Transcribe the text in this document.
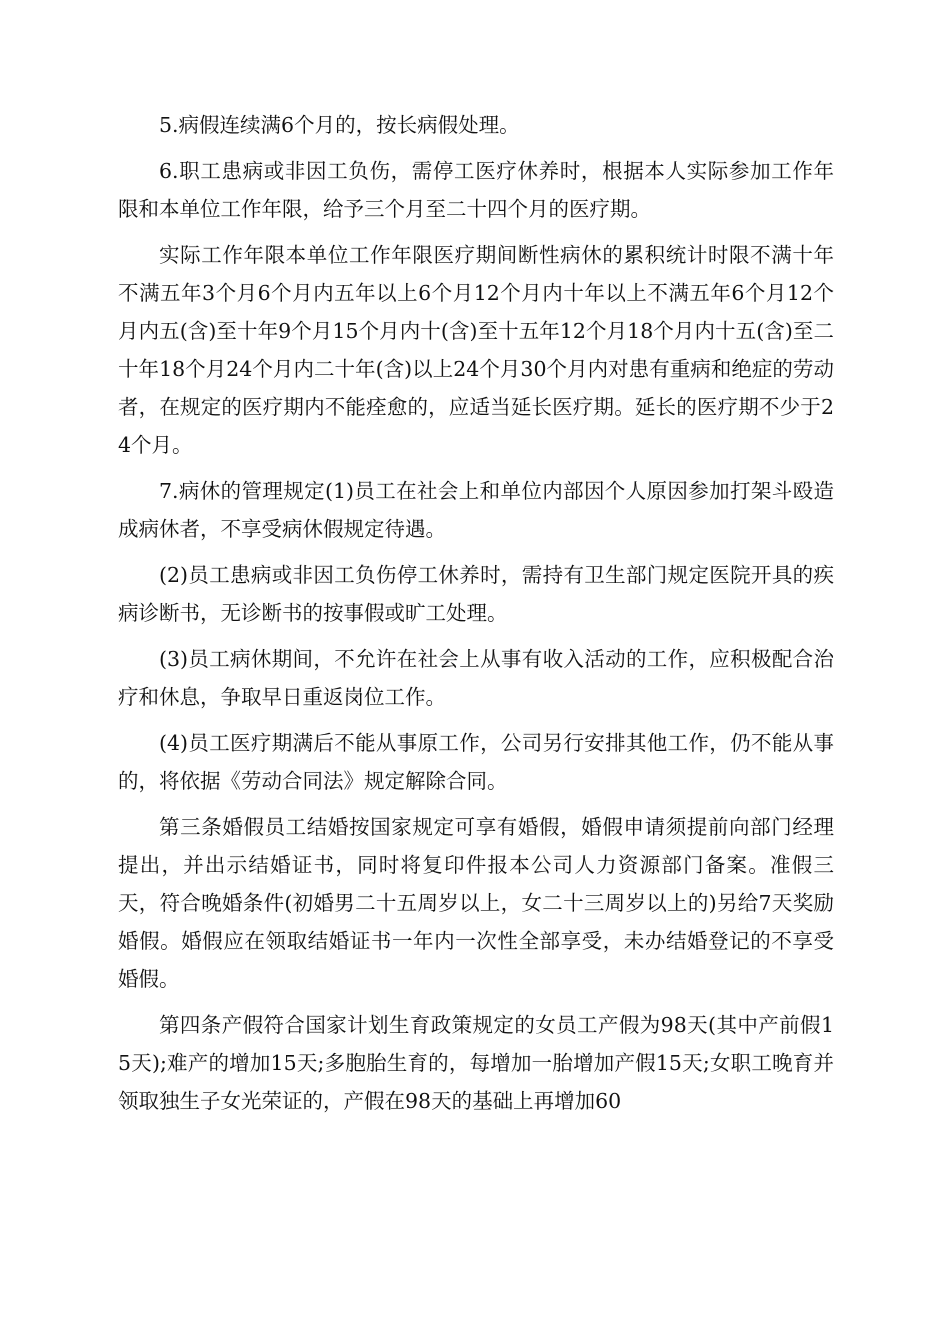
5.病假连续满6个月的，按长病假处理。

6.职工患病或非因工负伤，需停工医疗休养时，根据本人实际参加工作年限和本单位工作年限，给予三个月至二十四个月的医疗期。

实际工作年限本单位工作年限医疗期间断性病休的累积统计时限不满十年不满五年3个月6个月内五年以上6个月12个月内十年以上不满五年6个月12个月内五(含)至十年9个月15个月内十(含)至十五年12个月18个月内十五(含)至二十年18个月24个月内二十年(含)以上24个月30个月内对患有重病和绝症的劳动者，在规定的医疗期内不能痊愈的，应适当延长医疗期。延长的医疗期不少于24个月。

7.病休的管理规定(1)员工在社会上和单位内部因个人原因参加打架斗殴造成病休者，不享受病休假规定待遇。

(2)员工患病或非因工负伤停工休养时，需持有卫生部门规定医院开具的疾病诊断书，无诊断书的按事假或旷工处理。

(3)员工病休期间，不允许在社会上从事有收入活动的工作，应积极配合治疗和休息，争取早日重返岗位工作。

(4)员工医疗期满后不能从事原工作，公司另行安排其他工作，仍不能从事的，将依据《劳动合同法》规定解除合同。

第三条婚假员工结婚按国家规定可享有婚假，婚假申请须提前向部门经理提出，并出示结婚证书，同时将复印件报本公司人力资源部门备案。准假三天，符合晚婚条件(初婚男二十五周岁以上，女二十三周岁以上的)另给7天奖励婚假。婚假应在领取结婚证书一年内一次性全部享受，未办结婚登记的不享受婚假。

第四条产假符合国家计划生育政策规定的女员工产假为98天(其中产前假15天);难产的增加15天;多胞胎生育的，每增加一胎增加产假15天;女职工晚育并领取独生子女光荣证的，产假在98天的基础上再增加60
